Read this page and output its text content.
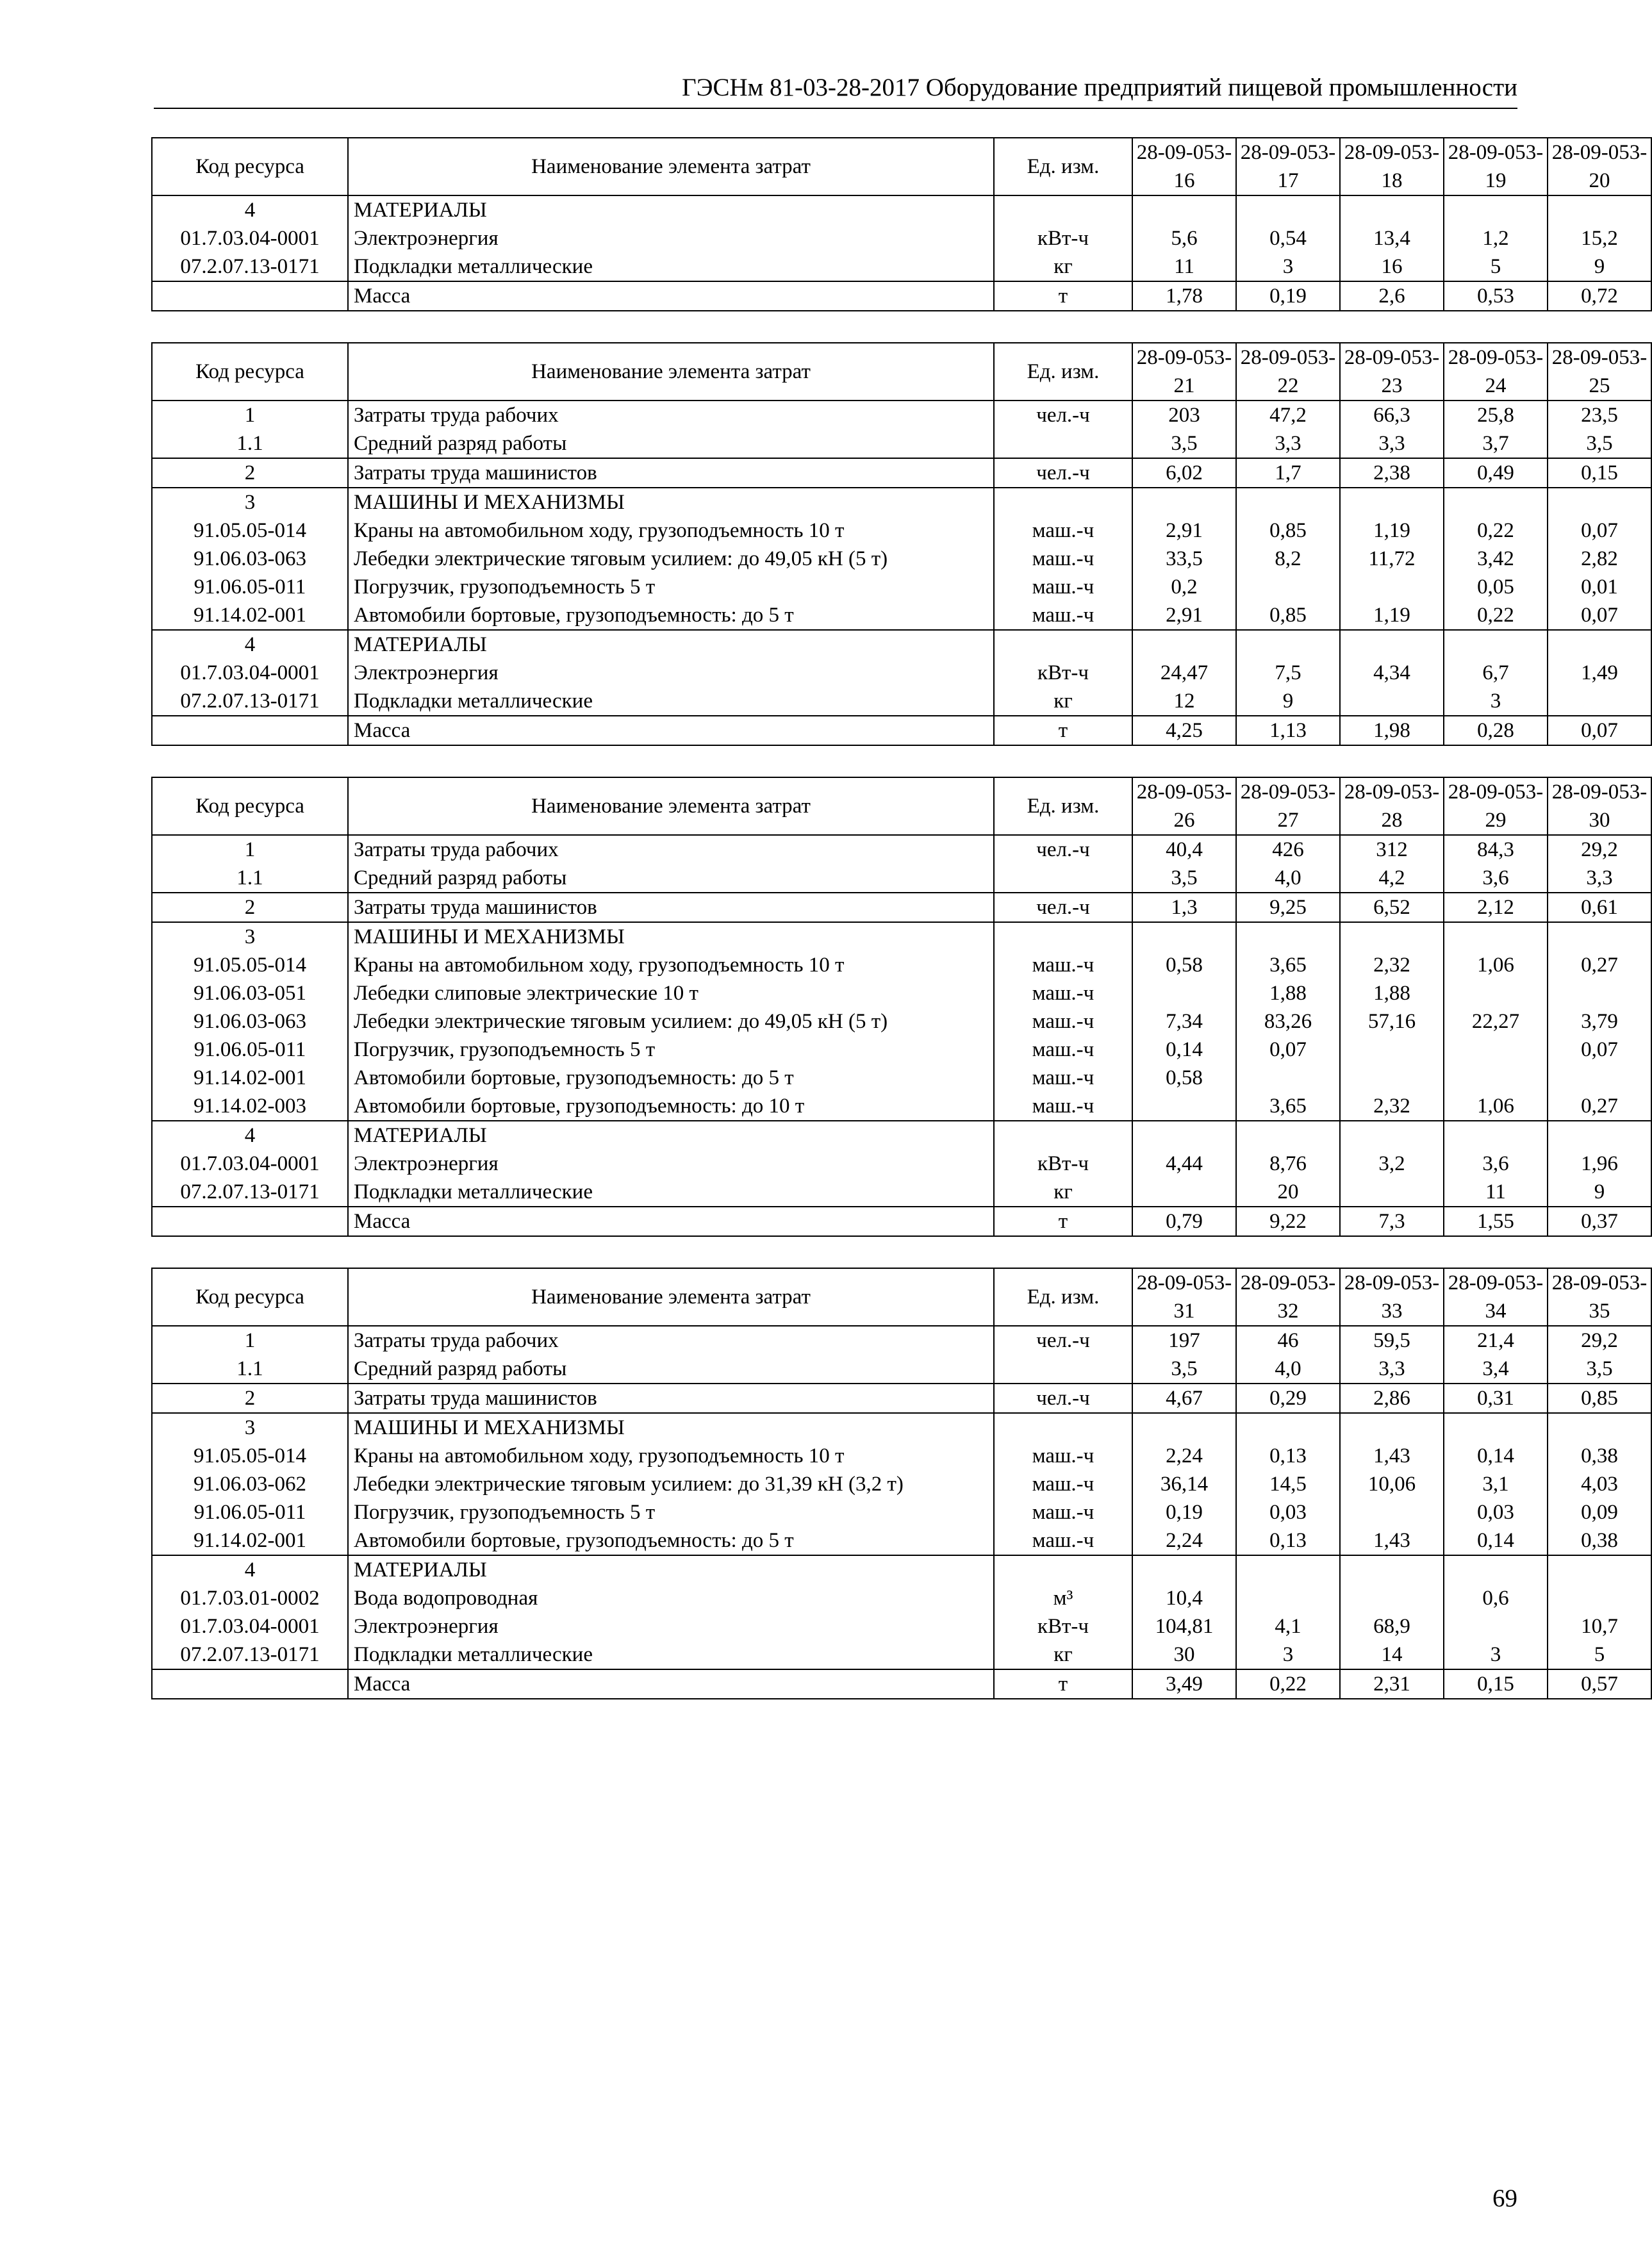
ГЭСНм 81-03-28-2017 Оборудование предприятий пищевой промышленности
Код ресурса	Наименование элемента затрат	Ед. изм.	28-09-053-16	28-09-053-17	28-09-053-18	28-09-053-19	28-09-053-20
4	МАТЕРИАЛЫ						
01.7.03.04-0001	Электроэнергия	кВт-ч	5,6	0,54	13,4	1,2	15,2
07.2.07.13-0171	Подкладки металлические	кг	11	3	16	5	9
	Масса	т	1,78	0,19	2,6	0,53	0,72
Код ресурса	Наименование элемента затрат	Ед. изм.	28-09-053-21	28-09-053-22	28-09-053-23	28-09-053-24	28-09-053-25
1	Затраты труда рабочих	чел.-ч	203	47,2	66,3	25,8	23,5
1.1	Средний разряд работы		3,5	3,3	3,3	3,7	3,5
2	Затраты труда машинистов	чел.-ч	6,02	1,7	2,38	0,49	0,15
3	МАШИНЫ И МЕХАНИЗМЫ						
91.05.05-014	Краны на автомобильном ходу, грузоподъемность 10 т	маш.-ч	2,91	0,85	1,19	0,22	0,07
91.06.03-063	Лебедки электрические тяговым усилием: до 49,05 кН (5 т)	маш.-ч	33,5	8,2	11,72	3,42	2,82
91.06.05-011	Погрузчик, грузоподъемность 5 т	маш.-ч	0,2			0,05	0,01
91.14.02-001	Автомобили бортовые, грузоподъемность: до 5 т	маш.-ч	2,91	0,85	1,19	0,22	0,07
4	МАТЕРИАЛЫ						
01.7.03.04-0001	Электроэнергия	кВт-ч	24,47	7,5	4,34	6,7	1,49
07.2.07.13-0171	Подкладки металлические	кг	12	9		3	
	Масса	т	4,25	1,13	1,98	0,28	0,07
Код ресурса	Наименование элемента затрат	Ед. изм.	28-09-053-26	28-09-053-27	28-09-053-28	28-09-053-29	28-09-053-30
1	Затраты труда рабочих	чел.-ч	40,4	426	312	84,3	29,2
1.1	Средний разряд работы		3,5	4,0	4,2	3,6	3,3
2	Затраты труда машинистов	чел.-ч	1,3	9,25	6,52	2,12	0,61
3	МАШИНЫ И МЕХАНИЗМЫ						
91.05.05-014	Краны на автомобильном ходу, грузоподъемность 10 т	маш.-ч	0,58	3,65	2,32	1,06	0,27
91.06.03-051	Лебедки слиповые электрические 10 т	маш.-ч		1,88	1,88		
91.06.03-063	Лебедки электрические тяговым усилием: до 49,05 кН (5 т)	маш.-ч	7,34	83,26	57,16	22,27	3,79
91.06.05-011	Погрузчик, грузоподъемность 5 т	маш.-ч	0,14	0,07			0,07
91.14.02-001	Автомобили бортовые, грузоподъемность: до 5 т	маш.-ч	0,58				
91.14.02-003	Автомобили бортовые, грузоподъемность: до 10 т	маш.-ч		3,65	2,32	1,06	0,27
4	МАТЕРИАЛЫ						
01.7.03.04-0001	Электроэнергия	кВт-ч	4,44	8,76	3,2	3,6	1,96
07.2.07.13-0171	Подкладки металлические	кг		20		11	9
	Масса	т	0,79	9,22	7,3	1,55	0,37
Код ресурса	Наименование элемента затрат	Ед. изм.	28-09-053-31	28-09-053-32	28-09-053-33	28-09-053-34	28-09-053-35
1	Затраты труда рабочих	чел.-ч	197	46	59,5	21,4	29,2
1.1	Средний разряд работы		3,5	4,0	3,3	3,4	3,5
2	Затраты труда машинистов	чел.-ч	4,67	0,29	2,86	0,31	0,85
3	МАШИНЫ И МЕХАНИЗМЫ						
91.05.05-014	Краны на автомобильном ходу, грузоподъемность 10 т	маш.-ч	2,24	0,13	1,43	0,14	0,38
91.06.03-062	Лебедки электрические тяговым усилием: до 31,39 кН (3,2 т)	маш.-ч	36,14	14,5	10,06	3,1	4,03
91.06.05-011	Погрузчик, грузоподъемность 5 т	маш.-ч	0,19	0,03		0,03	0,09
91.14.02-001	Автомобили бортовые, грузоподъемность: до 5 т	маш.-ч	2,24	0,13	1,43	0,14	0,38
4	МАТЕРИАЛЫ						
01.7.03.01-0002	Вода водопроводная	м³	10,4			0,6	
01.7.03.04-0001	Электроэнергия	кВт-ч	104,81	4,1	68,9		10,7
07.2.07.13-0171	Подкладки металлические	кг	30	3	14	3	5
	Масса	т	3,49	0,22	2,31	0,15	0,57
69
